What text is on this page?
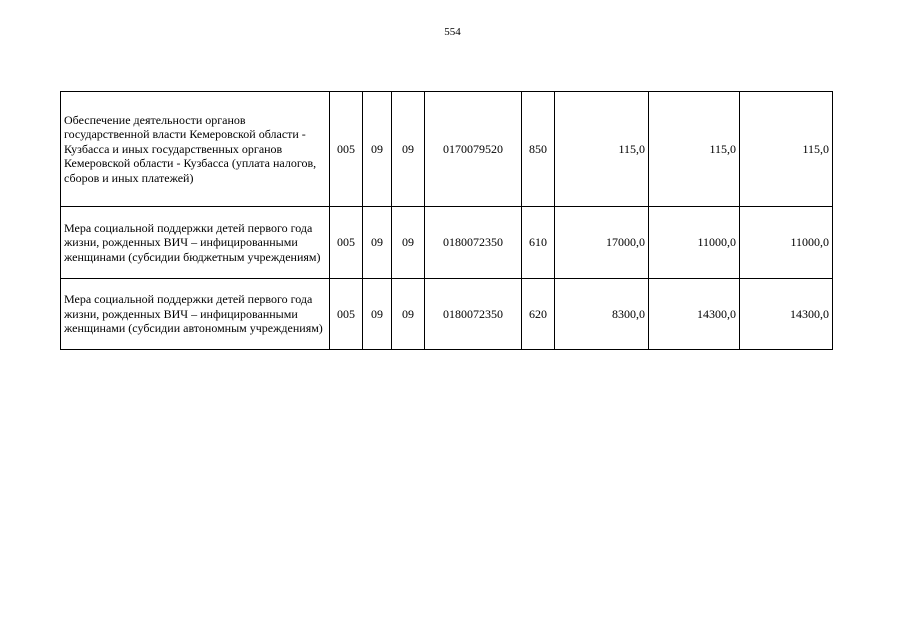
554
Обеспечение деятельности органов государственной власти Кемеровской области - Кузбасса и иных государственных органов Кемеровской области - Кузбасса (уплата налогов, сборов и иных платежей)	005	09	09	0170079520	850	115,0	115,0	115,0
Мера социальной поддержки детей первого года жизни, рожденных ВИЧ – инфицированными женщинами (субсидии бюджетным учреждениям)	005	09	09	0180072350	610	17000,0	11000,0	11000,0
Мера социальной поддержки детей первого года жизни, рожденных ВИЧ – инфицированными женщинами (субсидии автономным учреждениям)	005	09	09	0180072350	620	8300,0	14300,0	14300,0
